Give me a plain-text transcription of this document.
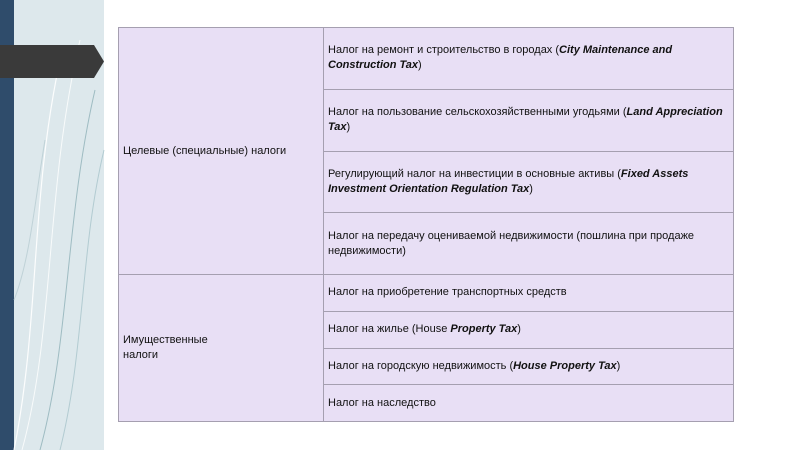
Целевые (специальные) налоги	Налог на ремонт и строительство в городах (City Maintenance and Construction Tax)
	Налог на пользование сельскохозяйственными угодьями (Land Appreciation Tax)
	Регулирующий налог на инвестиции в основные активы (Fixed Assets Investment Orientation Regulation Tax)
	Налог на передачу оцениваемой недвижимости (пошлина при продаже недвижимости)
Имущественные
налоги	Налог на приобретение транспортных средств
	Налог на жилье (House Property Tax)
	Налог на городскую недвижимость (House Property Tax)
	Налог на наследство
